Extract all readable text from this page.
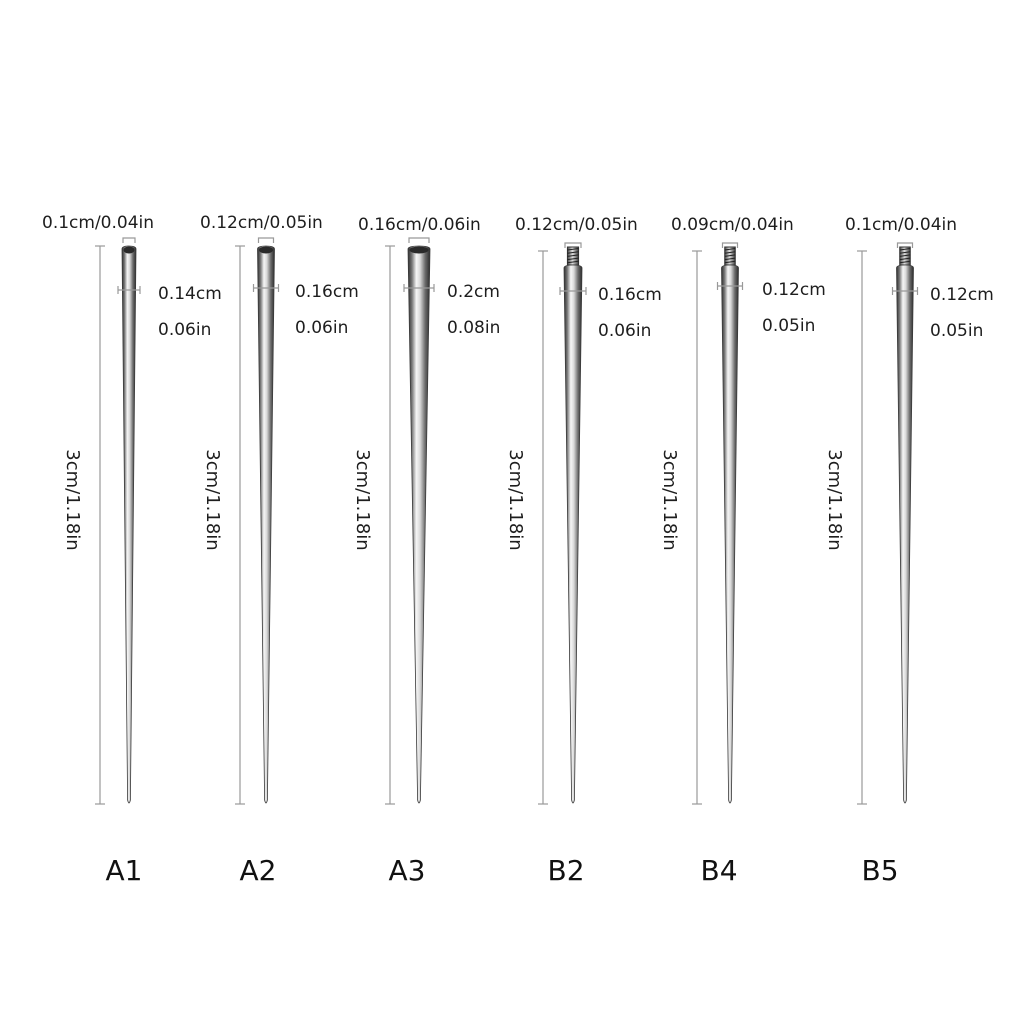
0.1cm/0.04in
0.14cm
0.06in
3cm/1.18in
A1
0.12cm/0.05in
0.16cm
0.06in
3cm/1.18in
A2
0.16cm/0.06in
0.2cm
0.08in
3cm/1.18in
A3
0.12cm/0.05in
0.16cm
0.06in
3cm/1.18in
B2
0.09cm/0.04in
0.12cm
0.05in
3cm/1.18in
B4
0.1cm/0.04in
0.12cm
0.05in
3cm/1.18in
B5
